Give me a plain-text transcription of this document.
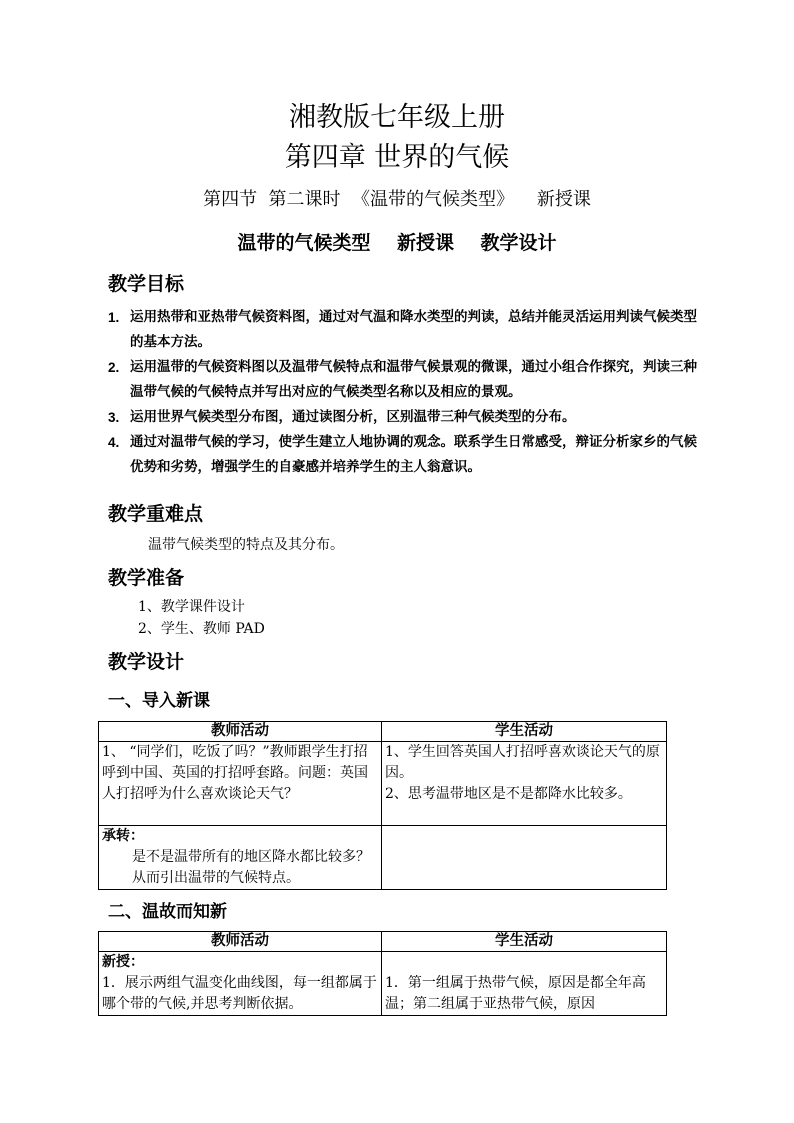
湘教版七年级上册
第四章 世界的气候
第四节  第二课时  《温带的气候类型》    新授课
温带的气候类型    新授课    教学设计
教学目标
1. 运用热带和亚热带气候资料图，通过对气温和降水类型的判读，总结并能灵活运用判读气候类型的基本方法。
2. 运用温带的气候资料图以及温带气候特点和温带气候景观的微课，通过小组合作探究，判读三种温带气候的气候特点并写出对应的气候类型名称以及相应的景观。
3. 运用世界气候类型分布图，通过读图分析，区别温带三种气候类型的分布。
4. 通过对温带气候的学习，使学生建立人地协调的观念。联系学生日常感受，辩证分析家乡的气候优势和劣势，增强学生的自豪感并培养学生的主人翁意识。
教学重难点
温带气候类型的特点及其分布。
教学准备
1、教学课件设计
2、学生、教师 PAD
教学设计
一、导入新课
教师活动	学生活动
1、 “同学们，吃饭了吗？”教师跟学生打招呼到中国、英国的打招呼套路。问题：英国人打招呼为什么喜欢谈论天气？	1、学生回答英国人打招呼喜欢谈论天气的原因。
2、思考温带地区是不是都降水比较多。

承转：
是不是温带所有的地区降水都比较多？从而引出温带的气候特点。	

二、温故而知新
教师活动	学生活动

新授：
1．展示两组气温变化曲线图，每一组都属于哪个带的气候,并思考判断依据。	1．第一组属于热带气候，原因是都全年高温；第二组属于亚热带气候，原因
